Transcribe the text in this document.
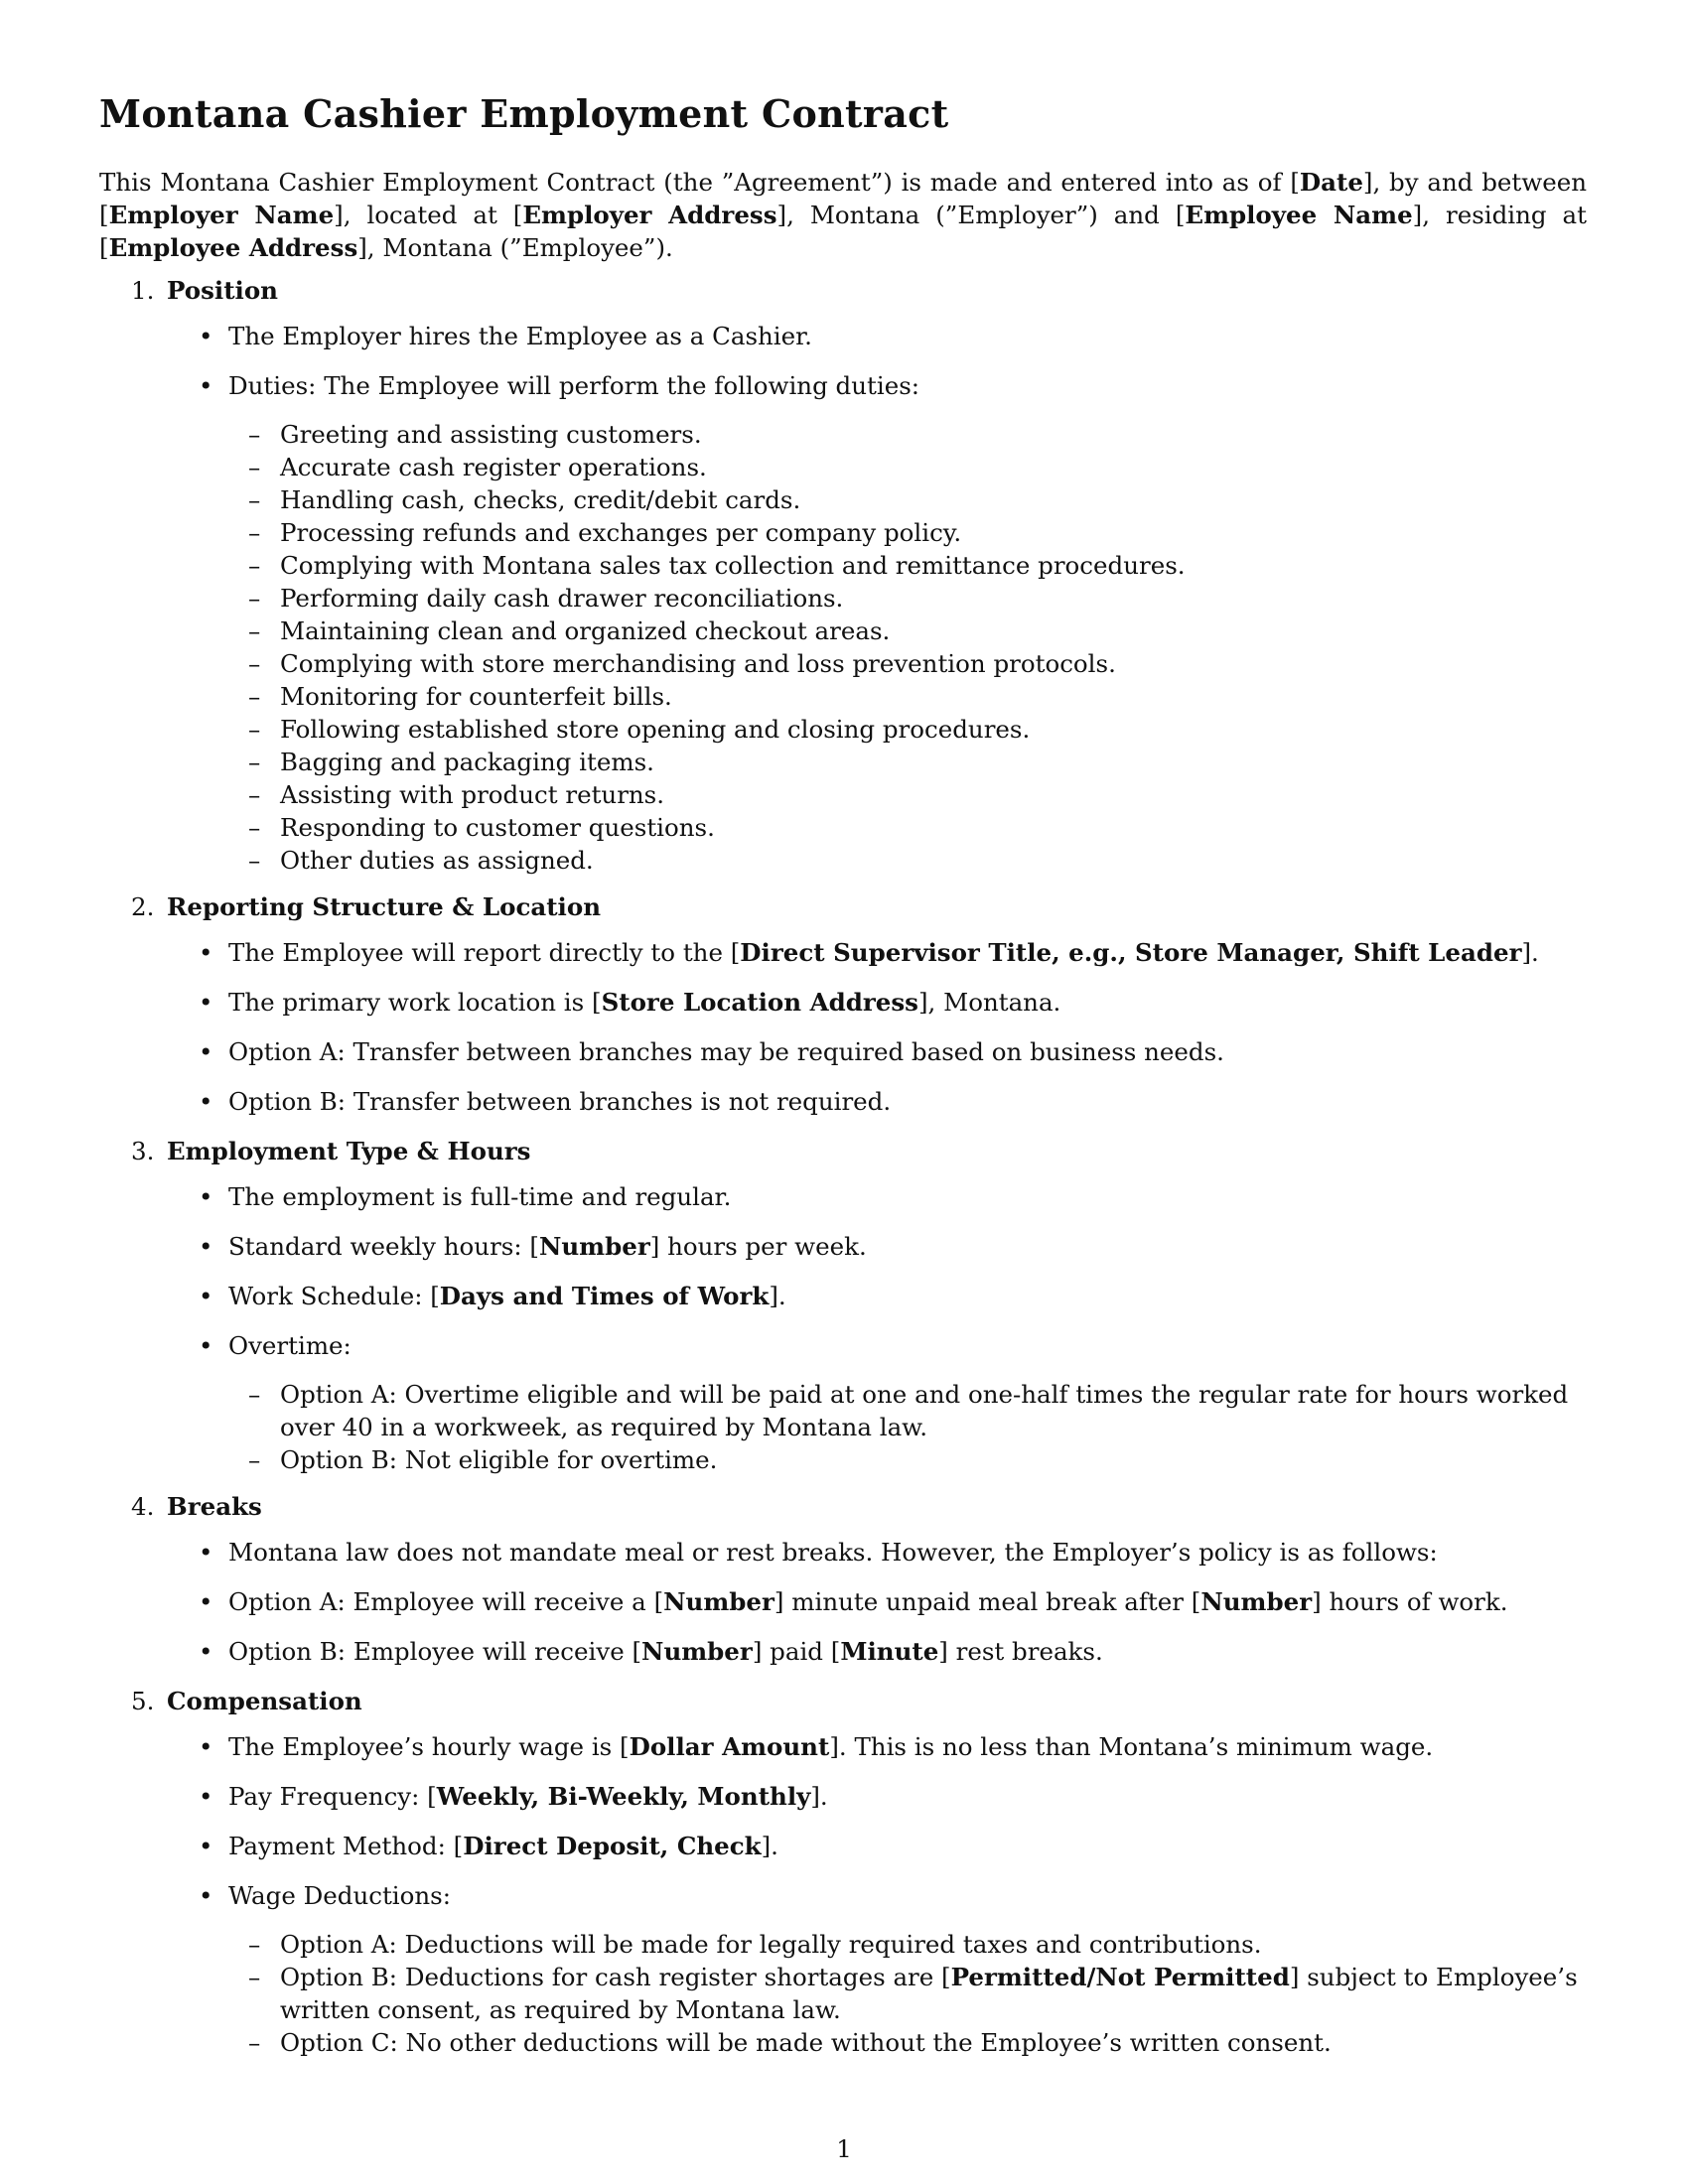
Montana Cashier Employment Contract

This Montana Cashier Employment Contract (the ”Agreement”) is made and entered into as of [Date], by and between [Employer Name], located at [Employer Address], Montana (”Employer”) and [Employee Name], residing at [Employee Address], Montana (”Employee”).

1. Position
• The Employer hires the Employee as a Cashier.
• Duties: The Employee will perform the following duties:
– Greeting and assisting customers.
– Accurate cash register operations.
– Handling cash, checks, credit/debit cards.
– Processing refunds and exchanges per company policy.
– Complying with Montana sales tax collection and remittance procedures.
– Performing daily cash drawer reconciliations.
– Maintaining clean and organized checkout areas.
– Complying with store merchandising and loss prevention protocols.
– Monitoring for counterfeit bills.
– Following established store opening and closing procedures.
– Bagging and packaging items.
– Assisting with product returns.
– Responding to customer questions.
– Other duties as assigned.
2. Reporting Structure & Location
• The Employee will report directly to the [Direct Supervisor Title, e.g., Store Manager, Shift Leader].
• The primary work location is [Store Location Address], Montana.
• Option A: Transfer between branches may be required based on business needs.
• Option B: Transfer between branches is not required.
3. Employment Type & Hours
• The employment is full-time and regular.
• Standard weekly hours: [Number] hours per week.
• Work Schedule: [Days and Times of Work].
• Overtime:
– Option A: Overtime eligible and will be paid at one and one-half times the regular rate for hours worked over 40 in a workweek, as required by Montana law.
– Option B: Not eligible for overtime.
4. Breaks
• Montana law does not mandate meal or rest breaks. However, the Employer’s policy is as follows:
• Option A: Employee will receive a [Number] minute unpaid meal break after [Number] hours of work.
• Option B: Employee will receive [Number] paid [Minute] rest breaks.
5. Compensation
• The Employee’s hourly wage is [Dollar Amount]. This is no less than Montana’s minimum wage.
• Pay Frequency: [Weekly, Bi-Weekly, Monthly].
• Payment Method: [Direct Deposit, Check].
• Wage Deductions:
– Option A: Deductions will be made for legally required taxes and contributions.
– Option B: Deductions for cash register shortages are [Permitted/Not Permitted] subject to Employee’s written consent, as required by Montana law.
– Option C: No other deductions will be made without the Employee’s written consent.
1
